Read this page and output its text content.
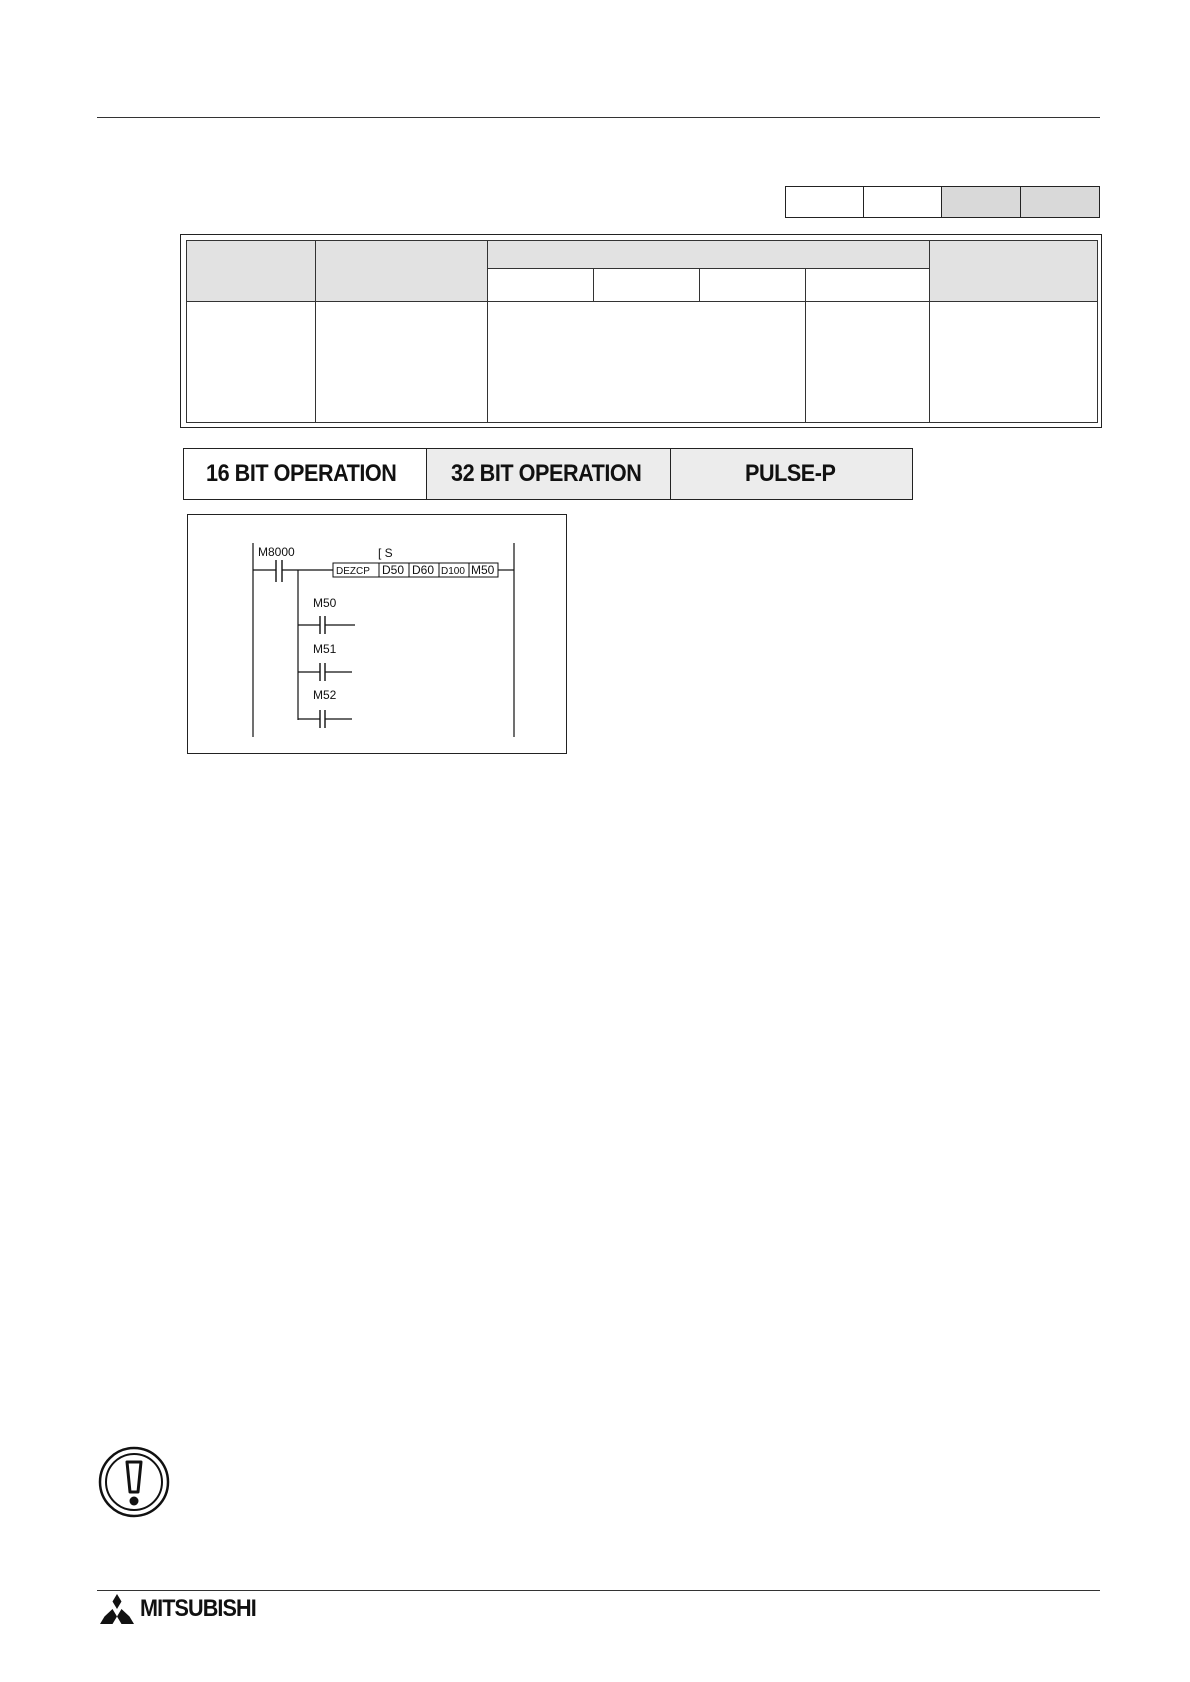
16 BIT OPERATION 32 BIT OPERATION	PULSE-P
M8000	[ S
DEZCP D50 D60 D100 M50
M50
M51
M52
MITSUBISHI
